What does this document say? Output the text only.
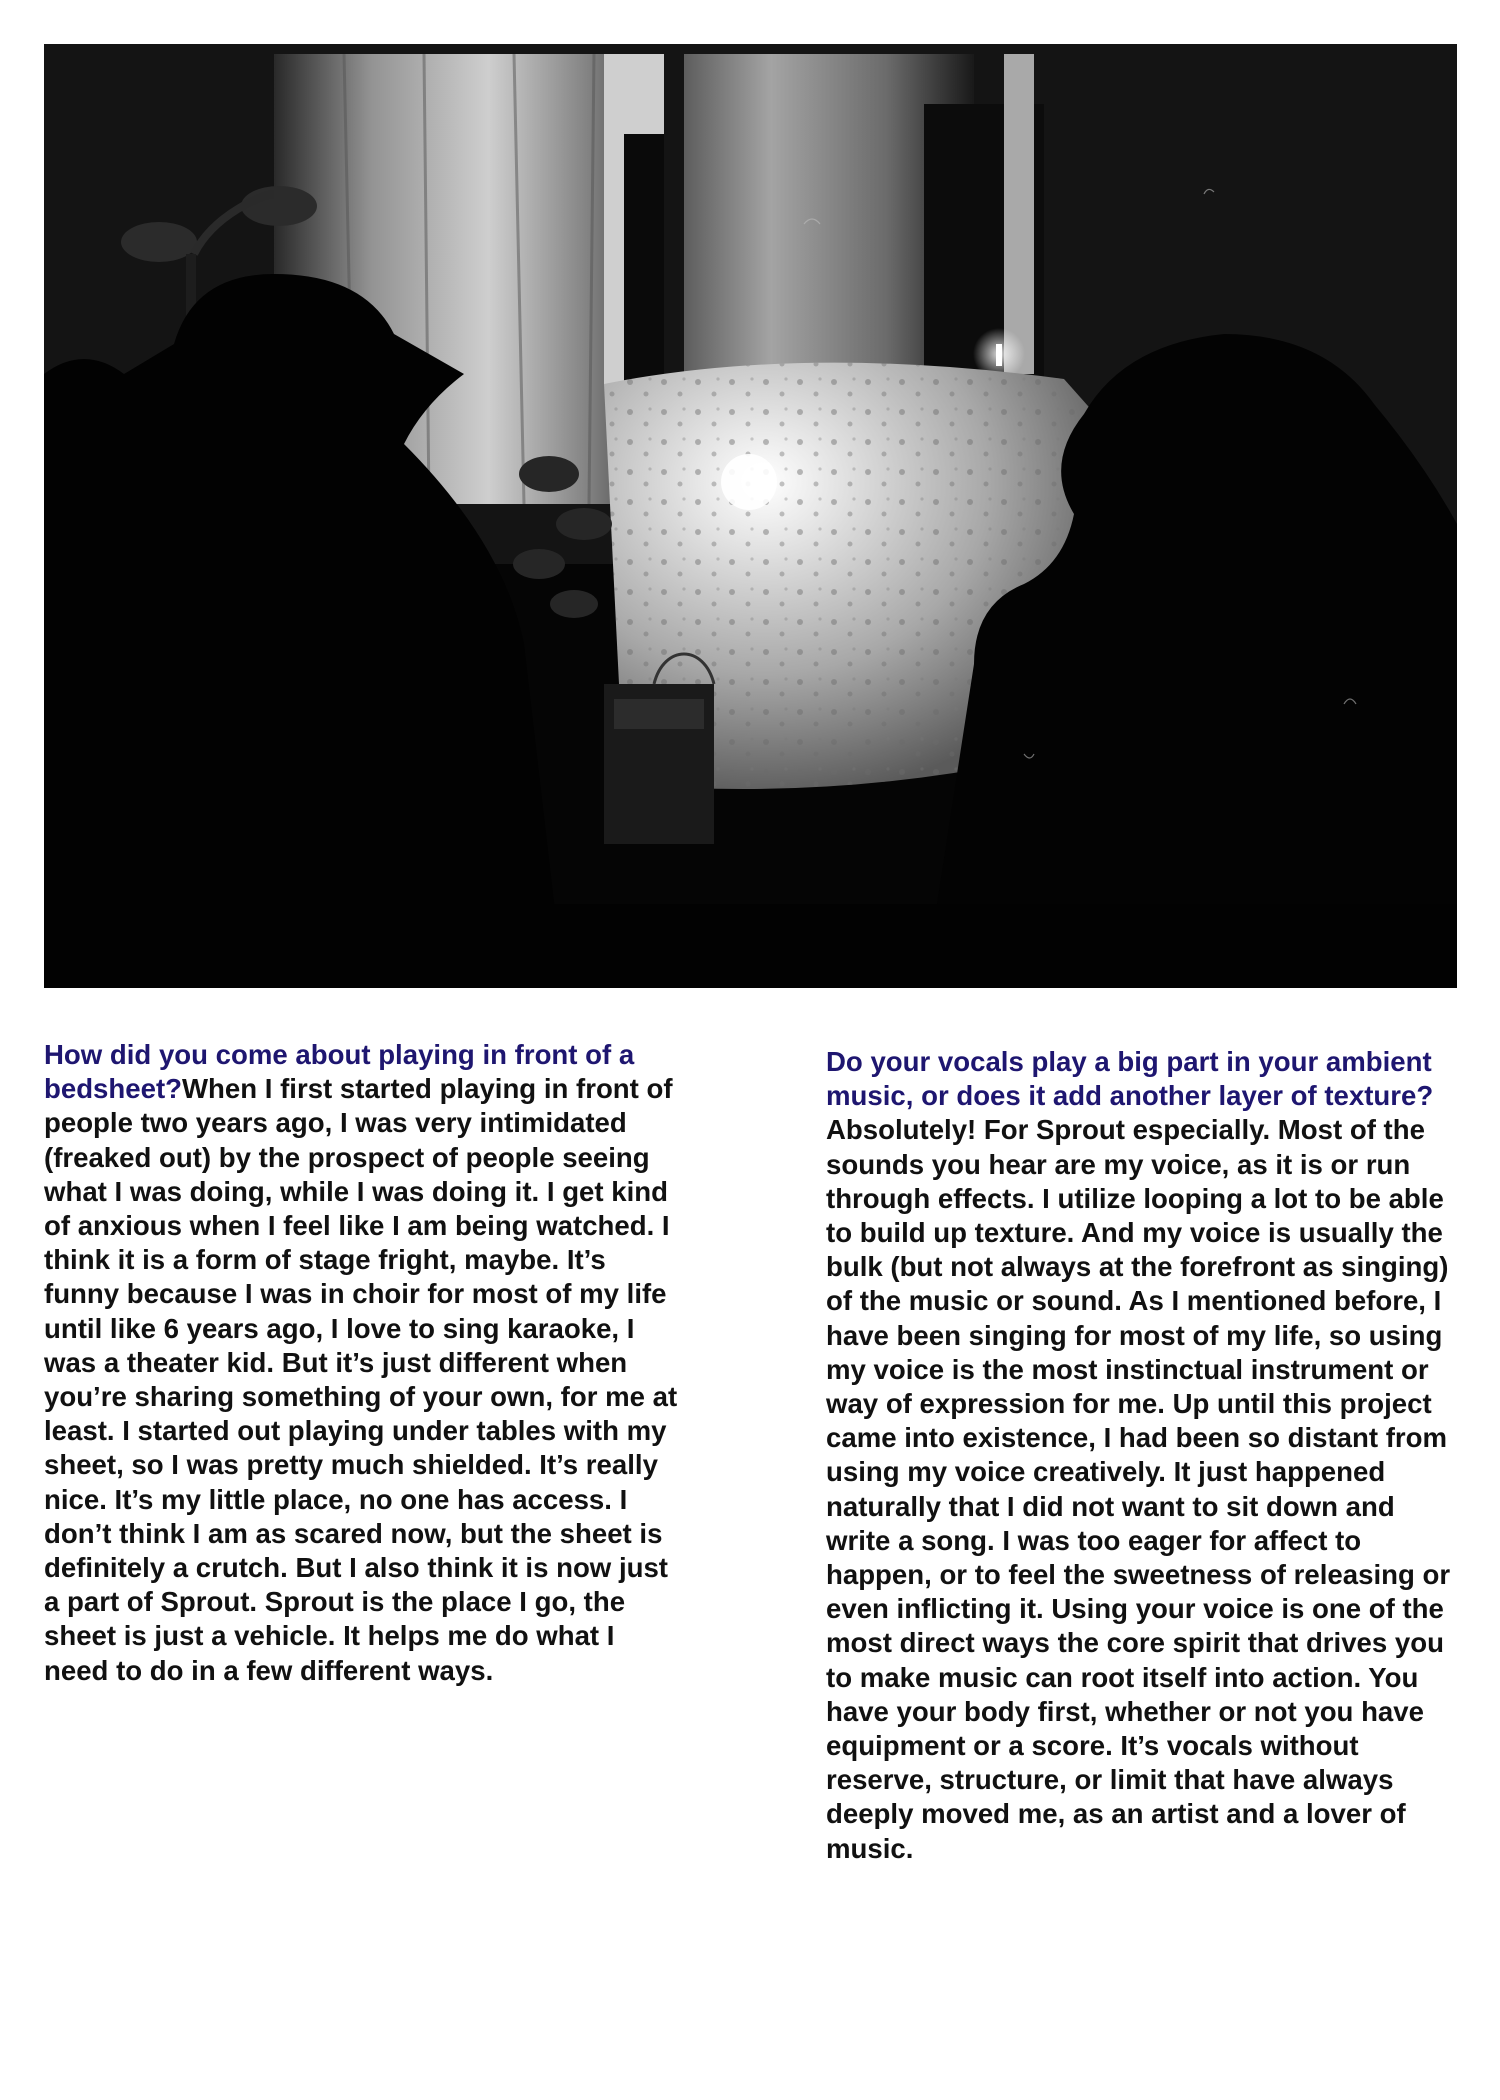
How did you come about playing in front of a bedsheet?When I first started playing in front of people two years ago, I was very intimidated (freaked out) by the prospect of people seeing what I was doing, while I was doing it. I get kind of anxious when I feel like I am being watched. I think it is a form of stage fright, maybe. It’s funny because I was in choir for most of my life until like 6 years ago, I love to sing karaoke, I was a theater kid. But it’s just different when you’re sharing something of your own, for me at least. I started out playing under tables with my sheet, so I was pretty much shielded. It’s really nice. It’s my little place, no one has access. I don’t think I am as scared now, but the sheet is definitely a crutch. But I also think it is now just a part of Sprout. Sprout is the place I go, the sheet is just a vehicle. It helps me do what I need to do in a few different ways.
Do your vocals play a big part in your ambient music, or does it add another layer of texture?
Absolutely! For Sprout especially. Most of the sounds you hear are my voice, as it is or run through effects. I utilize looping a lot to be able to build up texture. And my voice is usually the bulk (but not always at the forefront as singing) of the music or sound. As I mentioned before, I have been singing for most of my life, so using my voice is the most instinctual instrument or way of expression for me. Up until this project came into existence, I had been so distant from using my voice creatively. It just happened naturally that I did not want to sit down and write a song. I was too eager for affect to happen, or to feel the sweetness of releasing or even inflicting it. Using your voice is one of the most direct ways the core spirit that drives you to make music can root itself into action. You have your body first, whether or not you have equipment or a score. It’s vocals without reserve, structure, or limit that have always deeply moved me, as an artist and a lover of music.
